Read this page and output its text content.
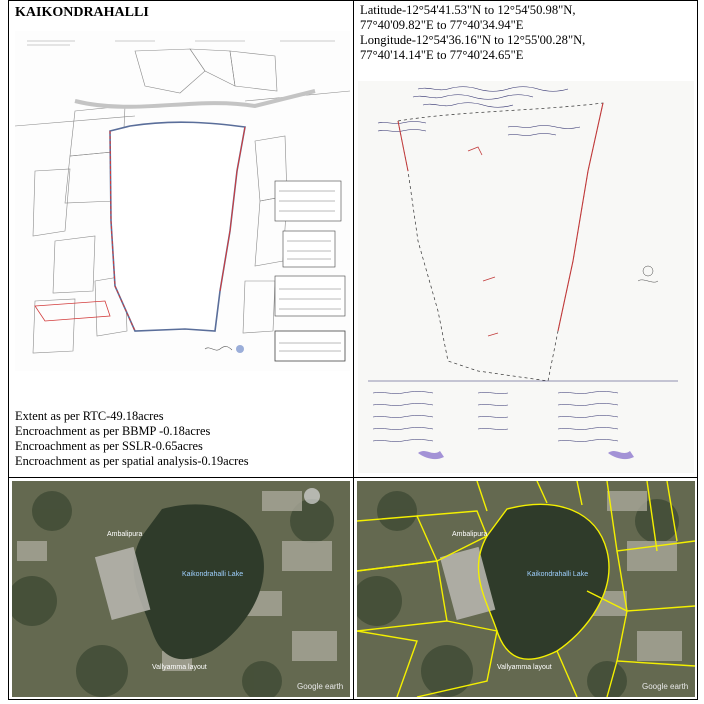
KAIKONDRAHALLI
Extent as per RTC-49.18acres
Encroachment as per BBMP -0.18acres
Encroachment as per SSLR-0.65acres
Encroachment as per spatial analysis-0.19acres
Latitude-12°54'41.53"N to 12°54'50.98"N,
77°40'09.82"E to 77°40'34.94"E
Longitude-12°54'36.16"N to 12°55'00.28"N,
77°40'14.14"E to 77°40'24.65"E
Ambalipura
Kaikondrahalli Lake
Vallyamma layout
Google earth
Ambalipura
Kaikondrahalli Lake
Vallyamma layout
Google earth
